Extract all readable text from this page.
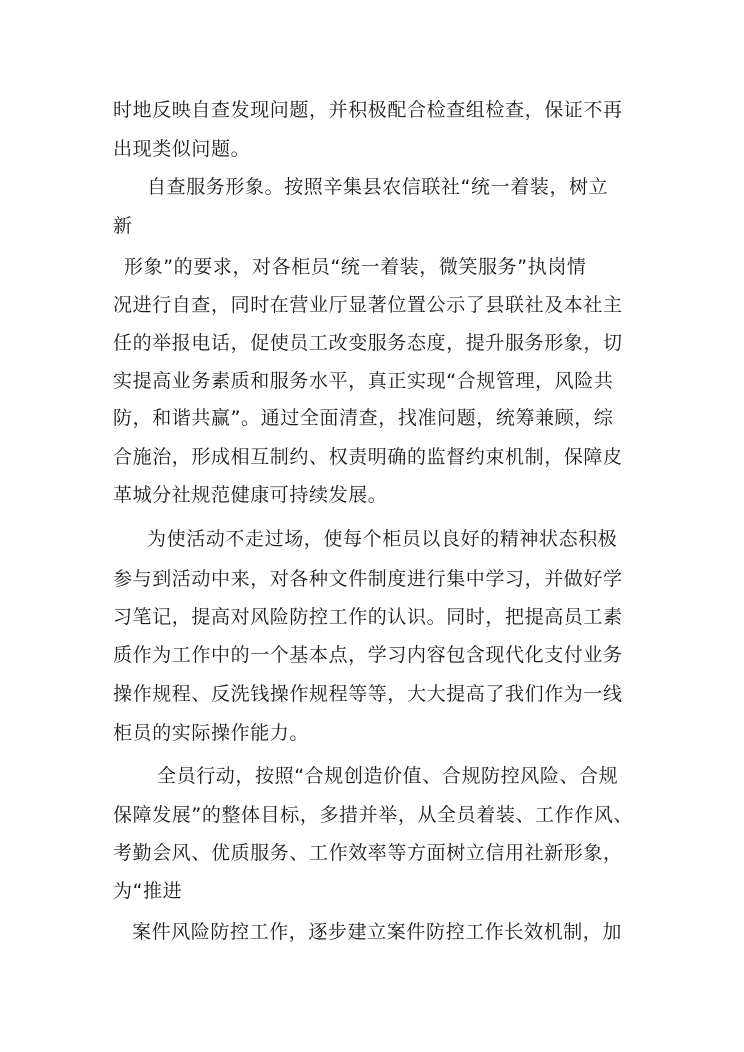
时地反映自查发现问题，并积极配合检查组检查，保证不再
出现类似问题。
自查服务形象。按照辛集县农信联社“统一着装，树立
新
形象”的要求，对各柜员“统一着装，微笑服务”执岗情
况进行自查，同时在营业厅显著位置公示了县联社及本社主
任的举报电话，促使员工改变服务态度，提升服务形象，切
实提高业务素质和服务水平，真正实现“合规管理，风险共
防，和谐共赢”。通过全面清查，找准问题，统筹兼顾，综
合施治，形成相互制约、权责明确的监督约束机制，保障皮
革城分社规范健康可持续发展。
为使活动不走过场，使每个柜员以良好的精神状态积极
参与到活动中来，对各种文件制度进行集中学习，并做好学
习笔记，提高对风险防控工作的认识。同时，把提高员工素
质作为工作中的一个基本点，学习内容包含现代化支付业务
操作规程、反洗钱操作规程等等，大大提高了我们作为一线
柜员的实际操作能力。
全员行动，按照“合规创造价值、合规防控风险、合规
保障发展”的整体目标，多措并举，从全员着装、工作作风、
考勤会风、优质服务、工作效率等方面树立信用社新形象，
为“推进
案件风险防控工作，逐步建立案件防控工作长效机制，加
